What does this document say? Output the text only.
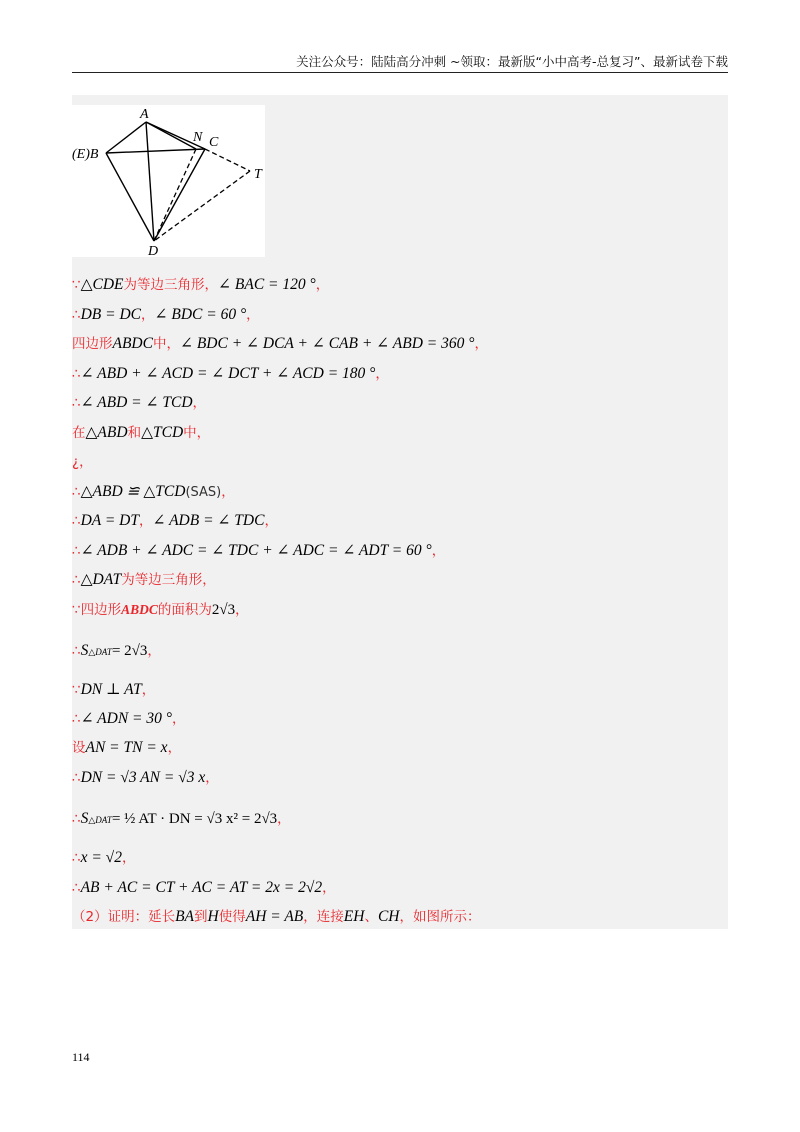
关注公众号：陆陆高分冲刺 ~领取：最新版“小中高考-总复习”、最新试卷下载
A
N C
(E)B
T
D
∵△CDE为等边三角形，∠ BAC = 120 °，
∴DB = DC，∠ BDC = 60 °，
四边形ABDC中，∠ BDC + ∠ DCA + ∠ CAB + ∠ ABD = 360 °，
∴∠ ABD + ∠ ACD = ∠ DCT + ∠ ACD = 180 °，
∴∠ ABD = ∠ TCD，
在△ABD和△TCD中，
¿，
∴△ABD ≌ △TCD(SAS)，
∴DA = DT，∠ ADB = ∠ TDC，
∴∠ ADB + ∠ ADC = ∠ TDC + ∠ ADC = ∠ ADT = 60 °，
∴△DAT为等边三角形，
∵四边形ABDC的面积为2√3，
∴S△DAT= 2√3，
∵DN ⊥ AT，
∴∠ ADN = 30 °，
设AN = TN = x，
∴DN = √3 AN = √3 x，
∴S△DAT= ½ AT · DN = √3 x² = 2√3，
∴x = √2，
∴AB + AC = CT + AC = AT = 2x = 2√2，
（2）证明：延长BA到H使得AH = AB，连接EH、CH，如图所示：
114
